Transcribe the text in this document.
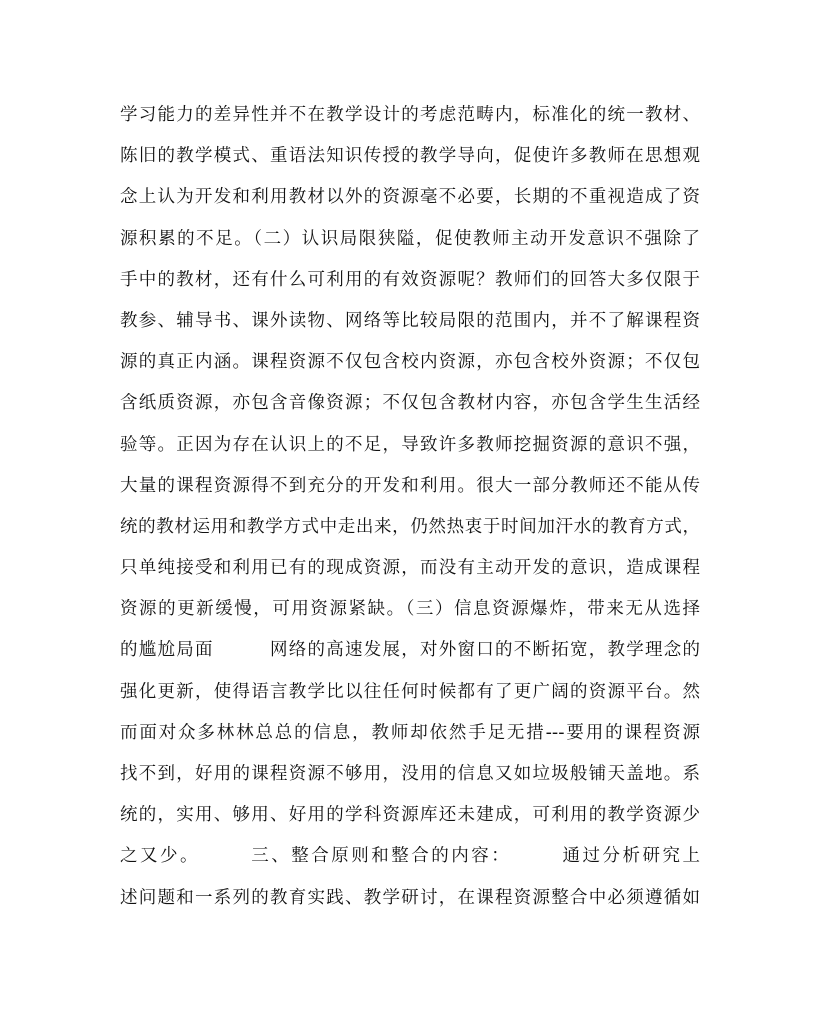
学习能力的差异性并不在教学设计的考虑范畴内，标准化的统一教材、
陈旧的教学模式、重语法知识传授的教学导向，促使许多教师在思想观
念上认为开发和利用教材以外的资源毫不必要，长期的不重视造成了资
源积累的不足。（二）认识局限狭隘，促使教师主动开发意识不强除了
手中的教材，还有什么可利用的有效资源呢？教师们的回答大多仅限于
教参、辅导书、课外读物、网络等比较局限的范围内，并不了解课程资
源的真正内涵。课程资源不仅包含校内资源，亦包含校外资源；不仅包
含纸质资源，亦包含音像资源；不仅包含教材内容，亦包含学生生活经
验等。正因为存在认识上的不足，导致许多教师挖掘资源的意识不强，
大量的课程资源得不到充分的开发和利用。很大一部分教师还不能从传
统的教材运用和教学方式中走出来，仍然热衷于时间加汗水的教育方式，
只单纯接受和利用已有的现成资源，而没有主动开发的意识，造成课程
资源的更新缓慢，可用资源紧缺。（三）信息资源爆炸，带来无从选择
的尴尬局面　　　网络的高速发展，对外窗口的不断拓宽，教学理念的
强化更新，使得语言教学比以往任何时候都有了更广阔的资源平台。然
而面对众多林林总总的信息，教师却依然手足无措---要用的课程资源
找不到，好用的课程资源不够用，没用的信息又如垃圾般铺天盖地。系
统的，实用、够用、好用的学科资源库还未建成，可利用的教学资源少
之又少。　　　三、整合原则和整合的内容：　　　通过分析研究上
述问题和一系列的教育实践、教学研讨，在课程资源整合中必须遵循如
